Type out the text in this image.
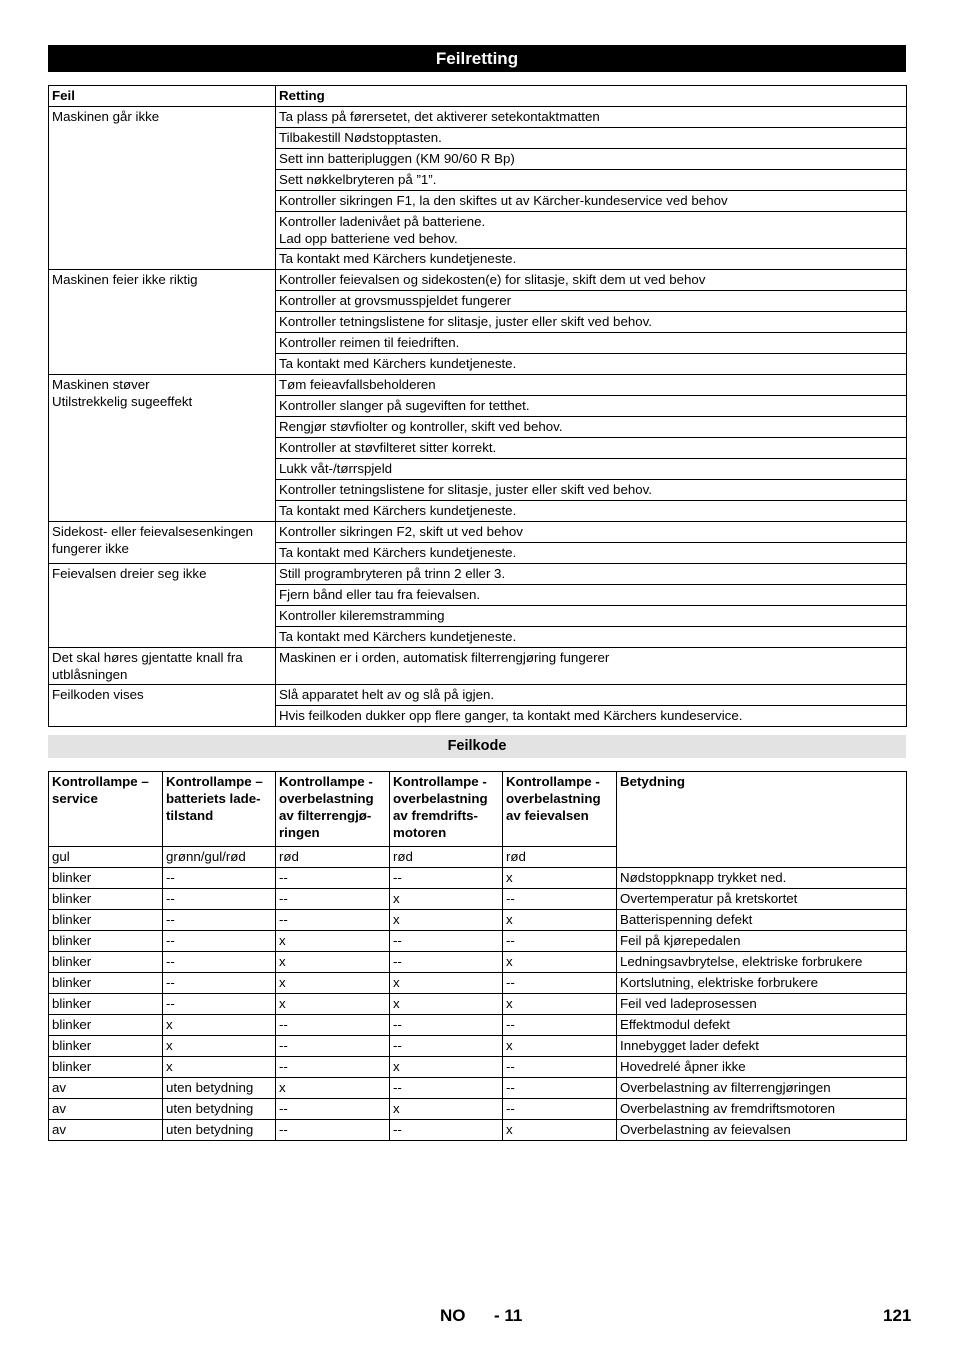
Feilretting
Feil	Retting
Maskinen går ikke	Ta plass på førersetet, det aktiverer setekontaktmatten
	Tilbakestill Nødstopptasten.
	Sett inn batteripluggen (KM 90/60 R Bp)
	Sett nøkkelbryteren på ”1”.
	Kontroller sikringen F1, la den skiftes ut av Kärcher-kundeservice ved behov
	Kontroller ladenivået på batteriene.
Lad opp batteriene ved behov.
	Ta kontakt med Kärchers kundetjeneste.
Maskinen feier ikke riktig	Kontroller feievalsen og sidekosten(e) for slitasje, skift dem ut ved behov
	Kontroller at grovsmusspjeldet fungerer
	Kontroller tetningslistene for slitasje, juster eller skift ved behov.
	Kontroller reimen til feiedriften.
	Ta kontakt med Kärchers kundetjeneste.
Maskinen støver
Utilstrekkelig sugeeffekt	Tøm feieavfallsbeholderen
	Kontroller slanger på sugeviften for tetthet.
	Rengjør støvfiolter og kontroller, skift ved behov.
	Kontroller at støvfilteret sitter korrekt.
	Lukk våt-/tørrspjeld
	Kontroller tetningslistene for slitasje, juster eller skift ved behov.
	Ta kontakt med Kärchers kundetjeneste.
Sidekost- eller feievalsesenkingen
fungerer ikke	Kontroller sikringen F2, skift ut ved behov
	Ta kontakt med Kärchers kundetjeneste.
Feievalsen dreier seg ikke	Still programbryteren på trinn 2 eller 3.
	Fjern bånd eller tau fra feievalsen.
	Kontroller kileremstramming
	Ta kontakt med Kärchers kundetjeneste.
Det skal høres gjentatte knall fra
utblåsningen	Maskinen er i orden, automatisk filterrengjøring fungerer

Feilkoden vises	Slå apparatet helt av og slå på igjen.
	Hvis feilkoden dukker opp flere ganger, ta kontakt med Kärchers kundeservice.
Feilkode
Kontrollampe –
service	Kontrollampe –
batteriets lade-
tilstand	Kontrollampe -
overbelastning
av filterrengjø-
ringen	Kontrollampe -
overbelastning
av fremdrifts-
motoren	Kontrollampe -
overbelastning
av feievalsen	Betydning
gul	grønn/gul/rød	rød	rød	rød	
blinker	--	--	--	x	Nødstoppknapp trykket ned.
blinker	--	--	x	--	Overtemperatur på kretskortet
blinker	--	--	x	x	Batterispenning defekt
blinker	--	x	--	--	Feil på kjørepedalen
blinker	--	x	--	x	Ledningsavbrytelse, elektriske forbrukere
blinker	--	x	x	--	Kortslutning, elektriske forbrukere
blinker	--	x	x	x	Feil ved ladeprosessen
blinker	x	--	--	--	Effektmodul defekt
blinker	x	--	--	x	Innebygget lader defekt
blinker	x	--	x	--	Hovedrelé åpner ikke
av	uten betydning	x	--	--	Overbelastning av filterrengjøringen
av	uten betydning	--	x	--	Overbelastning av fremdriftsmotoren
av	uten betydning	--	--	x	Overbelastning av feievalsen
NO - 11	121
